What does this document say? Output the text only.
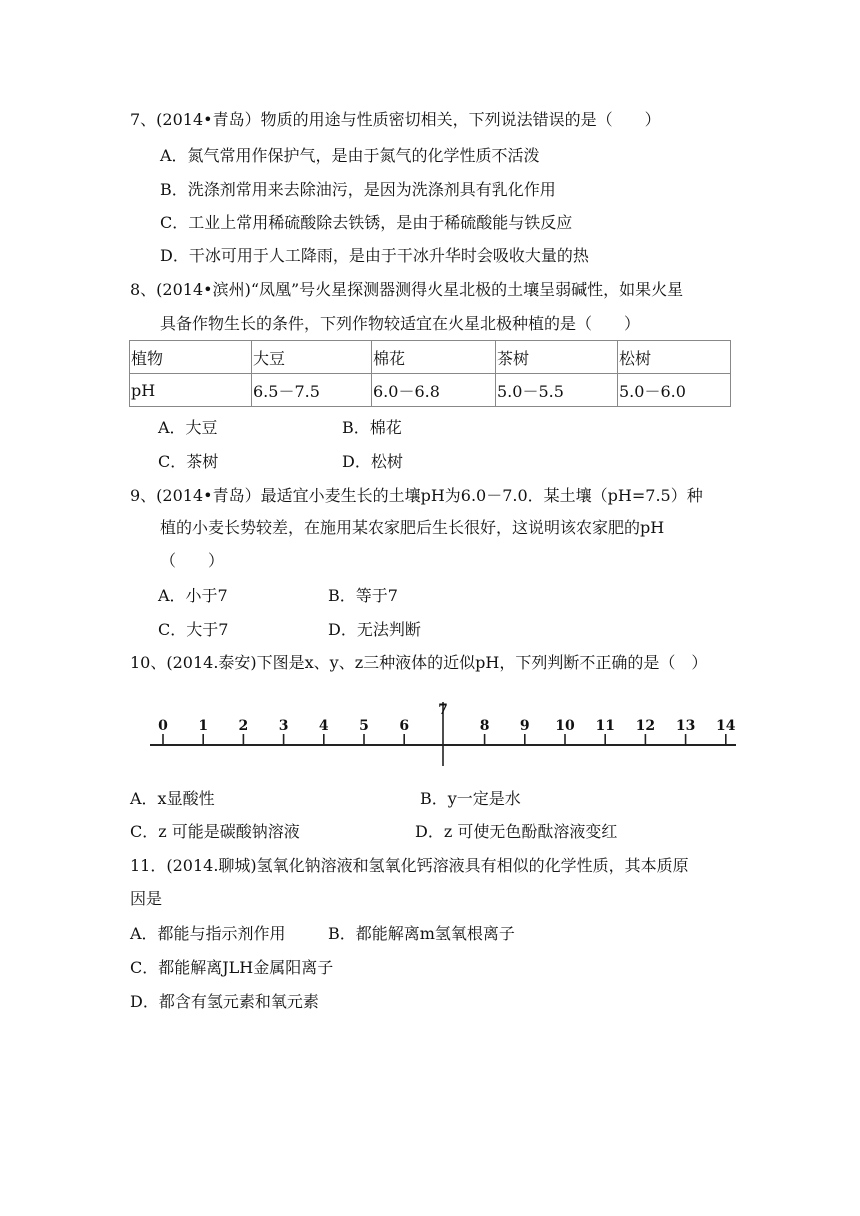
7、(2014•青岛）物质的用途与性质密切相关，下列说法错误的是（　　）
A．氮气常用作保护气，是由于氮气的化学性质不活泼
B．洗涤剂常用来去除油污，是因为洗涤剂具有乳化作用
C．工业上常用稀硫酸除去铁锈，是由于稀硫酸能与铁反应
D．干冰可用于人工降雨，是由于干冰升华时会吸收大量的热
8、(2014•滨州)“凤凰”号火星探测器测得火星北极的土壤呈弱碱性，如果火星
具备作物生长的条件，下列作物较适宜在火星北极种植的是（　　）
植物	大豆	棉花	茶树	松树
pH	6.5－7.5	6.0－6.8	5.0－5.5	5.0－6.0
A．大豆	B．棉花
C．茶树	D．松树
9、(2014•青岛）最适宜小麦生长的土壤pH为6.0－7.0．某土壤（pH=7.5）种
植的小麦长势较差，在施用某农家肥后生长很好，这说明该农家肥的pH
（　　）
A．小于7	B．等于7
C．大于7	D．无法判断
10、(2014.泰安)下图是x、y、z三种液体的近似pH，下列判断不正确的是（　）
0 1 2 3 4 5 6
7
8 9 10 11 12 13 14
A．x显酸性	B．y一定是水
C．z 可能是碳酸钠溶液	D．z 可使无色酚酞溶液变红
11．(2014.聊城)氢氧化钠溶液和氢氧化钙溶液具有相似的化学性质，其本质原
因是
A．都能与指示剂作用	B．都能解离m氢氧根离子
C．都能解离JLH金属阳离子
D．都含有氢元素和氧元素
